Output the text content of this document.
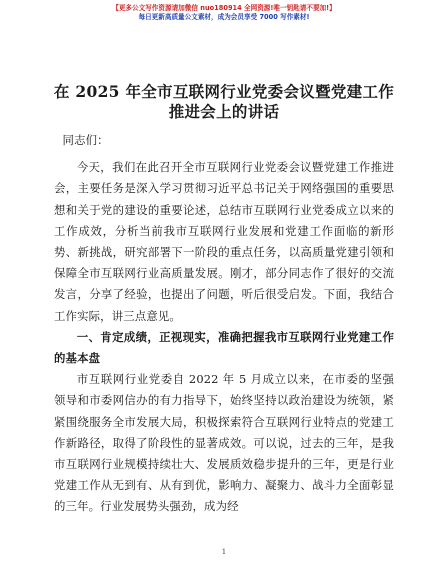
【更多公文写作资源请加微信 nuo180914 全网资源!唯一钥匙请不要加!】
每日更新高质量公文素材，成为会员享受 7000 写作素材!
在 2025 年全市互联网行业党委会议暨党建工作
推进会上的讲话

同志们：

今天，我们在此召开全市互联网行业党委会议暨党建工作推进会，主要任务是深入学习贯彻习近平总书记关于网络强国的重要思想和关于党的建设的重要论述，总结市互联网行业党委成立以来的工作成效，分析当前我市互联网行业发展和党建工作面临的新形势、新挑战，研究部署下一阶段的重点任务，以高质量党建引领和保障全市互联网行业高质量发展。刚才，部分同志作了很好的交流发言，分享了经验，也提出了问题，听后很受启发。下面，我结合工作实际，讲三点意见。

一、肯定成绩，正视现实，准确把握我市互联网行业党建工作的基本盘

市互联网行业党委自 2022 年 5 月成立以来，在市委的坚强领导和市委网信办的有力指导下，始终坚持以政治建设为统领，紧紧围绕服务全市发展大局，积极探索符合互联网行业特点的党建工作新路径，取得了阶段性的显著成效。可以说，过去的三年，是我市互联网行业规模持续壮大、发展质效稳步提升的三年，更是行业党建工作从无到有、从有到优，影响力、凝聚力、战斗力全面彰显的三年。行业发展势头强劲，成为经

1
